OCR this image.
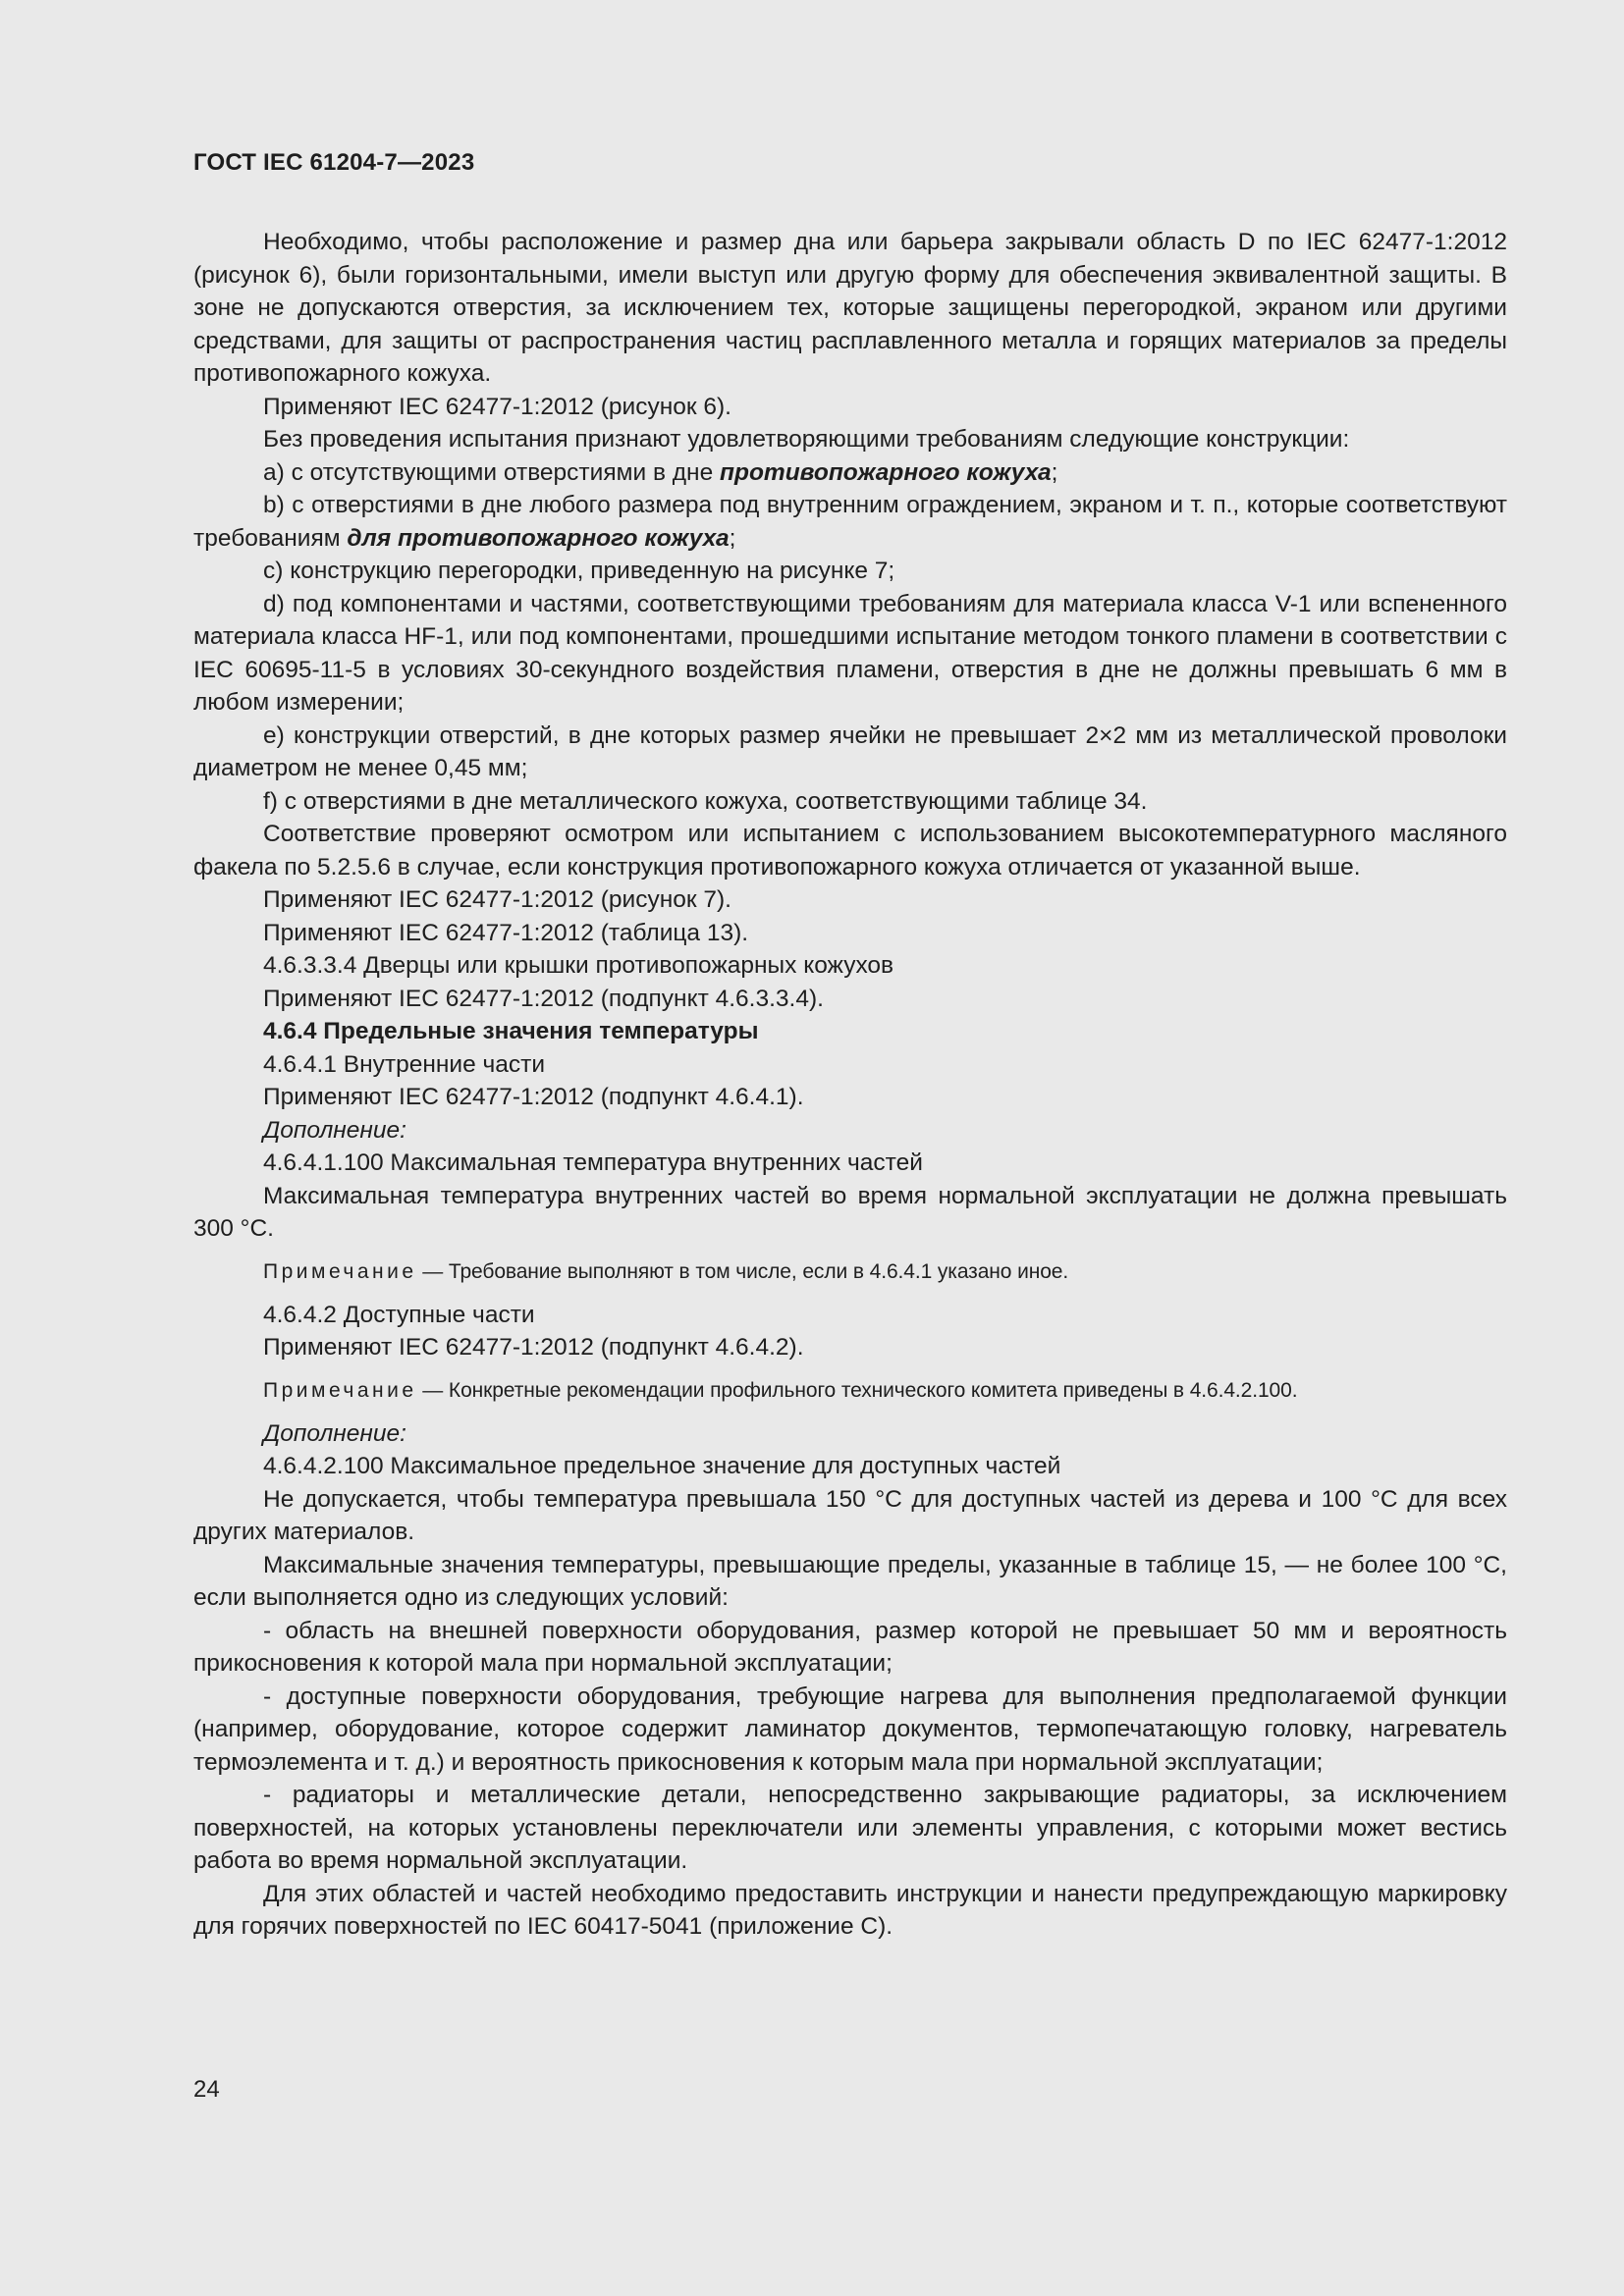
ГОСТ IEC 61204-7—2023

Необходимо, чтобы расположение и размер дна или барьера закрывали область D по IEC 62477-1:2012 (рисунок 6), были горизонтальными, имели выступ или другую форму для обеспечения эквивалентной защиты. В зоне не допускаются отверстия, за исключением тех, которые защищены перегородкой, экраном или другими средствами, для защиты от распространения частиц расплавленного металла и горящих материалов за пределы противопожарного кожуха.

Применяют IEC 62477-1:2012 (рисунок 6).

Без проведения испытания признают удовлетворяющими требованиям следующие конструкции:

а) с отсутствующими отверстиями в дне противопожарного кожуха;

b) с отверстиями в дне любого размера под внутренним ограждением, экраном и т. п., которые соответствуют требованиям для противопожарного кожуха;

c) конструкцию перегородки, приведенную на рисунке 7;

d) под компонентами и частями, соответствующими требованиям для материала класса V-1 или вспененного материала класса HF-1, или под компонентами, прошедшими испытание методом тонкого пламени в соответствии с IEC 60695-11-5 в условиях 30-секундного воздействия пламени, отверстия в дне не должны превышать 6 мм в любом измерении;

e) конструкции отверстий, в дне которых размер ячейки не превышает 2×2 мм из металлической проволоки диаметром не менее 0,45 мм;

f) с отверстиями в дне металлического кожуха, соответствующими таблице 34.

Соответствие проверяют осмотром или испытанием с использованием высокотемпературного масляного факела по 5.2.5.6 в случае, если конструкция противопожарного кожуха отличается от указанной выше.

Применяют IEC 62477-1:2012 (рисунок 7).

Применяют IEC 62477-1:2012 (таблица 13).

4.6.3.3.4 Дверцы или крышки противопожарных кожухов

Применяют IEC 62477-1:2012 (подпункт 4.6.3.3.4).

4.6.4 Предельные значения температуры

4.6.4.1 Внутренние части

Применяют IEC 62477-1:2012 (подпункт 4.6.4.1).

Дополнение:

4.6.4.1.100 Максимальная температура внутренних частей

Максимальная температура внутренних частей во время нормальной эксплуатации не должна превышать 300 °C.

Примечание — Требование выполняют в том числе, если в 4.6.4.1 указано иное.

4.6.4.2 Доступные части

Применяют IEC 62477-1:2012 (подпункт 4.6.4.2).

Примечание — Конкретные рекомендации профильного технического комитета приведены в 4.6.4.2.100.

Дополнение:

4.6.4.2.100 Максимальное предельное значение для доступных частей

Не допускается, чтобы температура превышала 150 °C для доступных частей из дерева и 100 °C для всех других материалов.

Максимальные значения температуры, превышающие пределы, указанные в таблице 15, — не более 100 °C, если выполняется одно из следующих условий:

- область на внешней поверхности оборудования, размер которой не превышает 50 мм и вероятность прикосновения к которой мала при нормальной эксплуатации;

- доступные поверхности оборудования, требующие нагрева для выполнения предполагаемой функции (например, оборудование, которое содержит ламинатор документов, термопечатающую головку, нагреватель термоэлемента и т. д.) и вероятность прикосновения к которым мала при нормальной эксплуатации;

- радиаторы и металлические детали, непосредственно закрывающие радиаторы, за исключением поверхностей, на которых установлены переключатели или элементы управления, с которыми может вестись работа во время нормальной эксплуатации.

Для этих областей и частей необходимо предоставить инструкции и нанести предупреждающую маркировку для горячих поверхностей по IEC 60417-5041 (приложение С).

24
